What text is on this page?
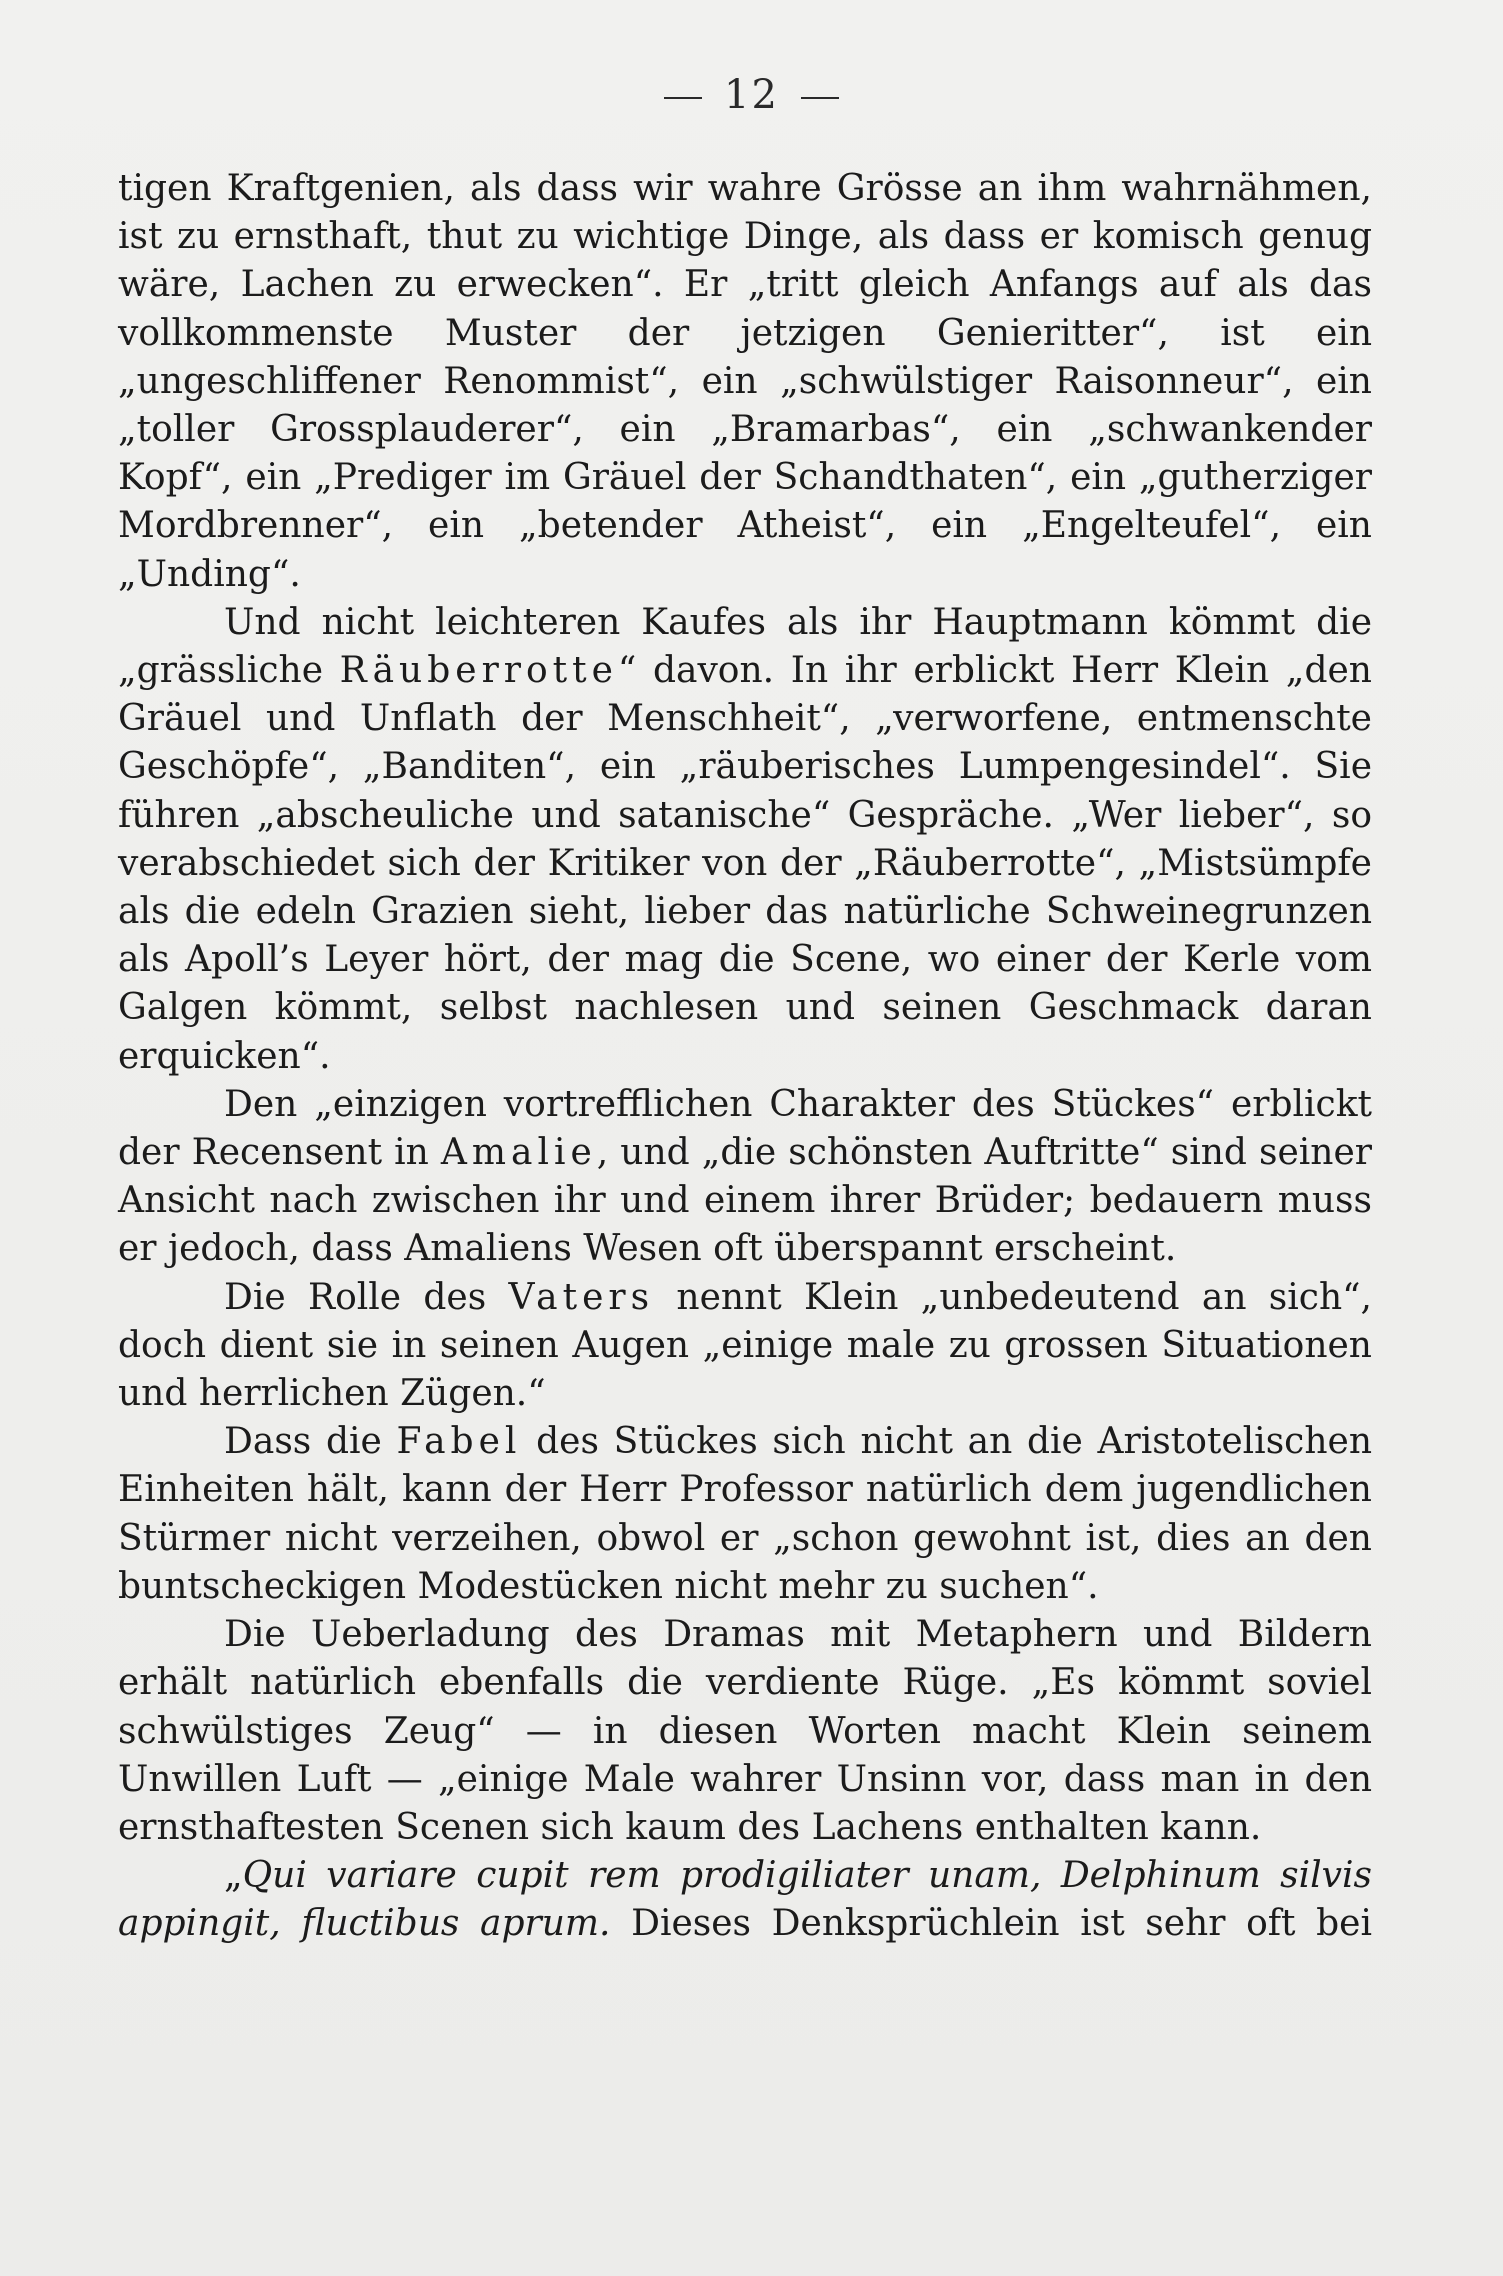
12

tigen Kraftgenien, als dass wir wahre Grösse an ihm wahrnähmen, ist zu ernsthaft, thut zu wichtige Dinge, als dass er komisch genug wäre, Lachen zu erwecken“. Er „tritt gleich Anfangs auf als das vollkommenste Muster der jetzigen Genieritter“, ist ein „ungeschliffener Renommist“, ein „schwülstiger Raisonneur“, ein „toller Grossplauderer“, ein „Bramarbas“, ein „schwankender Kopf“, ein „Prediger im Gräuel der Schandthaten“, ein „gutherziger Mordbrenner“, ein „betender Atheist“, ein „Engelteufel“, ein „Unding“.

Und nicht leichteren Kaufes als ihr Hauptmann kömmt die „grässliche Räuberrotte“ davon. In ihr erblickt Herr Klein „den Gräuel und Unflath der Menschheit“, „verworfene, entmenschte Geschöpfe“, „Banditen“, ein „räuberisches Lumpengesindel“. Sie führen „abscheuliche und satanische“ Gespräche. „Wer lieber“, so verabschiedet sich der Kritiker von der „Räuberrotte“, „Mistsümpfe als die edeln Grazien sieht, lieber das natürliche Schweinegrunzen als Apoll’s Leyer hört, der mag die Scene, wo einer der Kerle vom Galgen kömmt, selbst nachlesen und seinen Geschmack daran erquicken“.

Den „einzigen vortrefflichen Charakter des Stückes“ erblickt der Recensent in Amalie, und „die schönsten Auftritte“ sind seiner Ansicht nach zwischen ihr und einem ihrer Brüder; bedauern muss er jedoch, dass Amaliens Wesen oft überspannt erscheint.

Die Rolle des Vaters nennt Klein „unbedeutend an sich“, doch dient sie in seinen Augen „einige male zu grossen Situationen und herrlichen Zügen.“

Dass die Fabel des Stückes sich nicht an die Aristotelischen Einheiten hält, kann der Herr Professor natürlich dem jugendlichen Stürmer nicht verzeihen, obwol er „schon gewohnt ist, dies an den buntscheckigen Modestücken nicht mehr zu suchen“.

Die Ueberladung des Dramas mit Metaphern und Bildern erhält natürlich ebenfalls die verdiente Rüge. „Es kömmt soviel schwülstiges Zeug“ — in diesen Worten macht Klein seinem Unwillen Luft — „einige Male wahrer Unsinn vor, dass man in den ernsthaftesten Scenen sich kaum des Lachens enthalten kann.

„Qui variare cupit rem prodigiliater unam, Delphinum silvis appingit, fluctibus aprum. Dieses Denksprüchlein ist sehr oft bei
